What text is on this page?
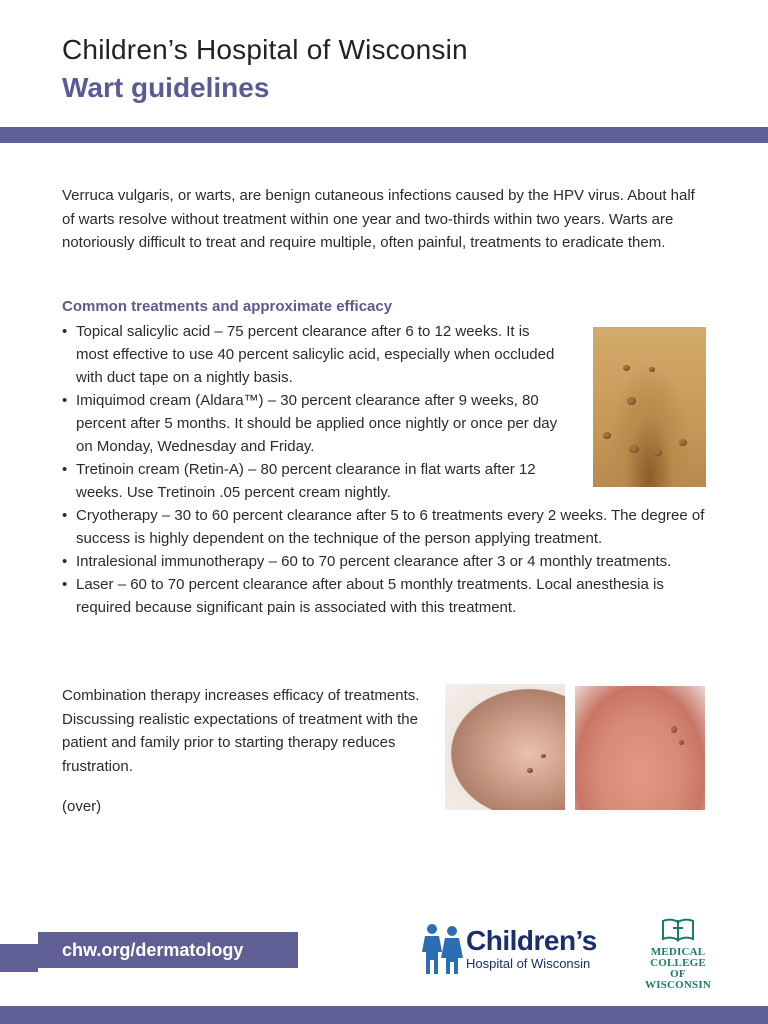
Children’s Hospital of Wisconsin
Wart guidelines

Verruca vulgaris, or warts, are benign cutaneous infections caused by the HPV virus. About half of warts resolve without treatment within one year and two-thirds within two years. Warts are notoriously difficult to treat and require multiple, often painful, treatments to eradicate them.

Common treatments and approximate efficacy
• Topical salicylic acid – 75 percent clearance after 6 to 12 weeks. It is most effective to use 40 percent salicylic acid, especially when occluded with duct tape on a nightly basis.
• Imiquimod cream (Aldara™) – 30 percent clearance after 9 weeks, 80 percent after 5 months. It should be applied once nightly or once per day on Monday, Wednesday and Friday.
• Tretinoin cream (Retin-A) – 80 percent clearance in flat warts after 12 weeks. Use Tretinoin .05 percent cream nightly.
• Cryotherapy – 30 to 60 percent clearance after 5 to 6 treatments every 2 weeks. The degree of success is highly dependent on the technique of the person applying treatment.
• Intralesional immunotherapy – 60 to 70 percent clearance after 3 or 4 monthly treatments.
• Laser – 60 to 70 percent clearance after about 5 monthly treatments. Local anesthesia is required because significant pain is associated with this treatment.

Combination therapy increases efficacy of treatments. Discussing realistic expectations of treatment with the patient and family prior to starting therapy reduces frustration.

(over)
chw.org/dermatology	Children’s
Hospital of Wisconsin
MEDICAL
COLLEGE
OF WISCONSIN
